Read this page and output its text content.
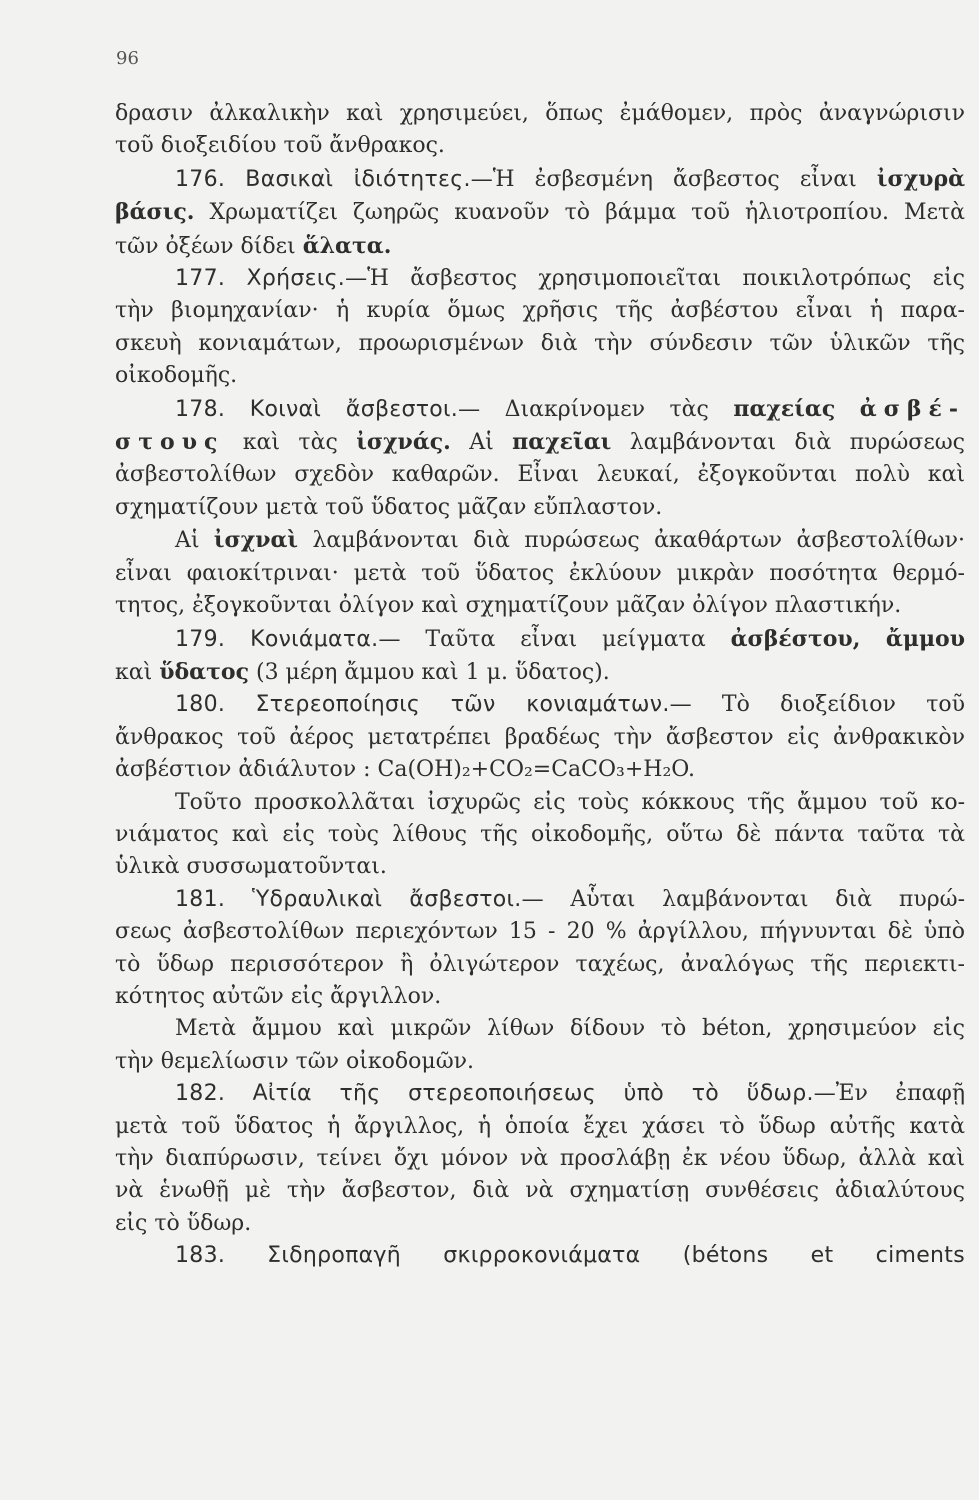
96

δρασιν ἀλκαλικὴν καὶ χρησιμεύει, ὅπως ἐμάθομεν, πρὸς ἀναγνώρισιν

τοῦ διοξειδίου τοῦ ἄνθρακος.

176. Βασικαὶ ἰδιότητες.—Ἡ ἐσβεσμένη ἄσβεστος εἶναι ἰσχυρὰ

βάσις. Χρωματίζει ζωηρῶς κυανοῦν τὸ βάμμα τοῦ ἡλιοτροπίου. Μετὰ

τῶν ὀξέων δίδει ἅλατα.

177. Χρήσεις.—Ἡ ἄσβεστος χρησιμοποιεῖται ποικιλοτρόπως εἰς

τὴν βιομηχανίαν· ἡ κυρία ὅμως χρῆσις τῆς ἀσβέστου εἶναι ἡ παρα-

σκευὴ κονιαμάτων, προωρισμένων διὰ τὴν σύνδεσιν τῶν ὑλικῶν τῆς

οἰκοδομῆς.

178. Κοιναὶ ἄσβεστοι.— Διακρίνομεν τὰς παχείας ἀσβέ-

στους καὶ τὰς ἰσχνάς. Αἱ παχεῖαι λαμβάνονται διὰ πυρώσεως

ἀσβεστολίθων σχεδὸν καθαρῶν. Εἶναι λευκαί, ἐξογκοῦνται πολὺ καὶ

σχηματίζουν μετὰ τοῦ ὕδατος μᾶζαν εὔπλαστον.

Αἱ ἰσχναὶ λαμβάνονται διὰ πυρώσεως ἀκαθάρτων ἀσβεστολίθων·

εἶναι φαιοκίτριναι· μετὰ τοῦ ὕδατος ἐκλύουν μικρὰν ποσότητα θερμό-

τητος, ἐξογκοῦνται ὀλίγον καὶ σχηματίζουν μᾶζαν ὀλίγον πλαστικήν.

179. Κονιάματα.— Ταῦτα εἶναι μείγματα ἀσβέστου, ἄμμου

καὶ ὕδατος (3 μέρη ἄμμου καὶ 1 μ. ὕδατος).

180. Στερεοποίησις τῶν κονιαμάτων.— Τὸ διοξείδιον τοῦ

ἄνθρακος τοῦ ἀέρος μετατρέπει βραδέως τὴν ἄσβεστον εἰς ἀνθρακικὸν

ἀσβέστιον ἀδιάλυτον : Ca(OH)₂+CO₂=CaCO₃+H₂O.

Τοῦτο προσκολλᾶται ἰσχυρῶς εἰς τοὺς κόκκους τῆς ἄμμου τοῦ κο-

νιάματος καὶ εἰς τοὺς λίθους τῆς οἰκοδομῆς, οὕτω δὲ πάντα ταῦτα τὰ

ὑλικὰ συσσωματοῦνται.

181. Ὑδραυλικαὶ ἄσβεστοι.— Αὗται λαμβάνονται διὰ πυρώ-

σεως ἀσβεστολίθων περιεχόντων 15 - 20 % ἀργίλλου, πήγνυνται δὲ ὑπὸ

τὸ ὕδωρ περισσότερον ἢ ὀλιγώτερον ταχέως, ἀναλόγως τῆς περιεκτι-

κότητος αὐτῶν εἰς ἄργιλλον.

Μετὰ ἄμμου καὶ μικρῶν λίθων δίδουν τὸ béton, χρησιμεύον εἰς

τὴν θεμελίωσιν τῶν οἰκοδομῶν.

182. Αἰτία τῆς στερεοποιήσεως ὑπὸ τὸ ὕδωρ.—Ἐν ἐπαφῇ

μετὰ τοῦ ὕδατος ἡ ἄργιλλος, ἡ ὁποία ἔχει χάσει τὸ ὕδωρ αὐτῆς κατὰ

τὴν διαπύρωσιν, τείνει ὄχι μόνον νὰ προσλάβῃ ἐκ νέου ὕδωρ, ἀλλὰ καὶ

νὰ ἑνωθῇ μὲ τὴν ἄσβεστον, διὰ νὰ σχηματίσῃ συνθέσεις ἀδιαλύτους

εἰς τὸ ὕδωρ.

183. Σιδηροπαγῆ σκιρροκονιάματα (bétons et ciments
